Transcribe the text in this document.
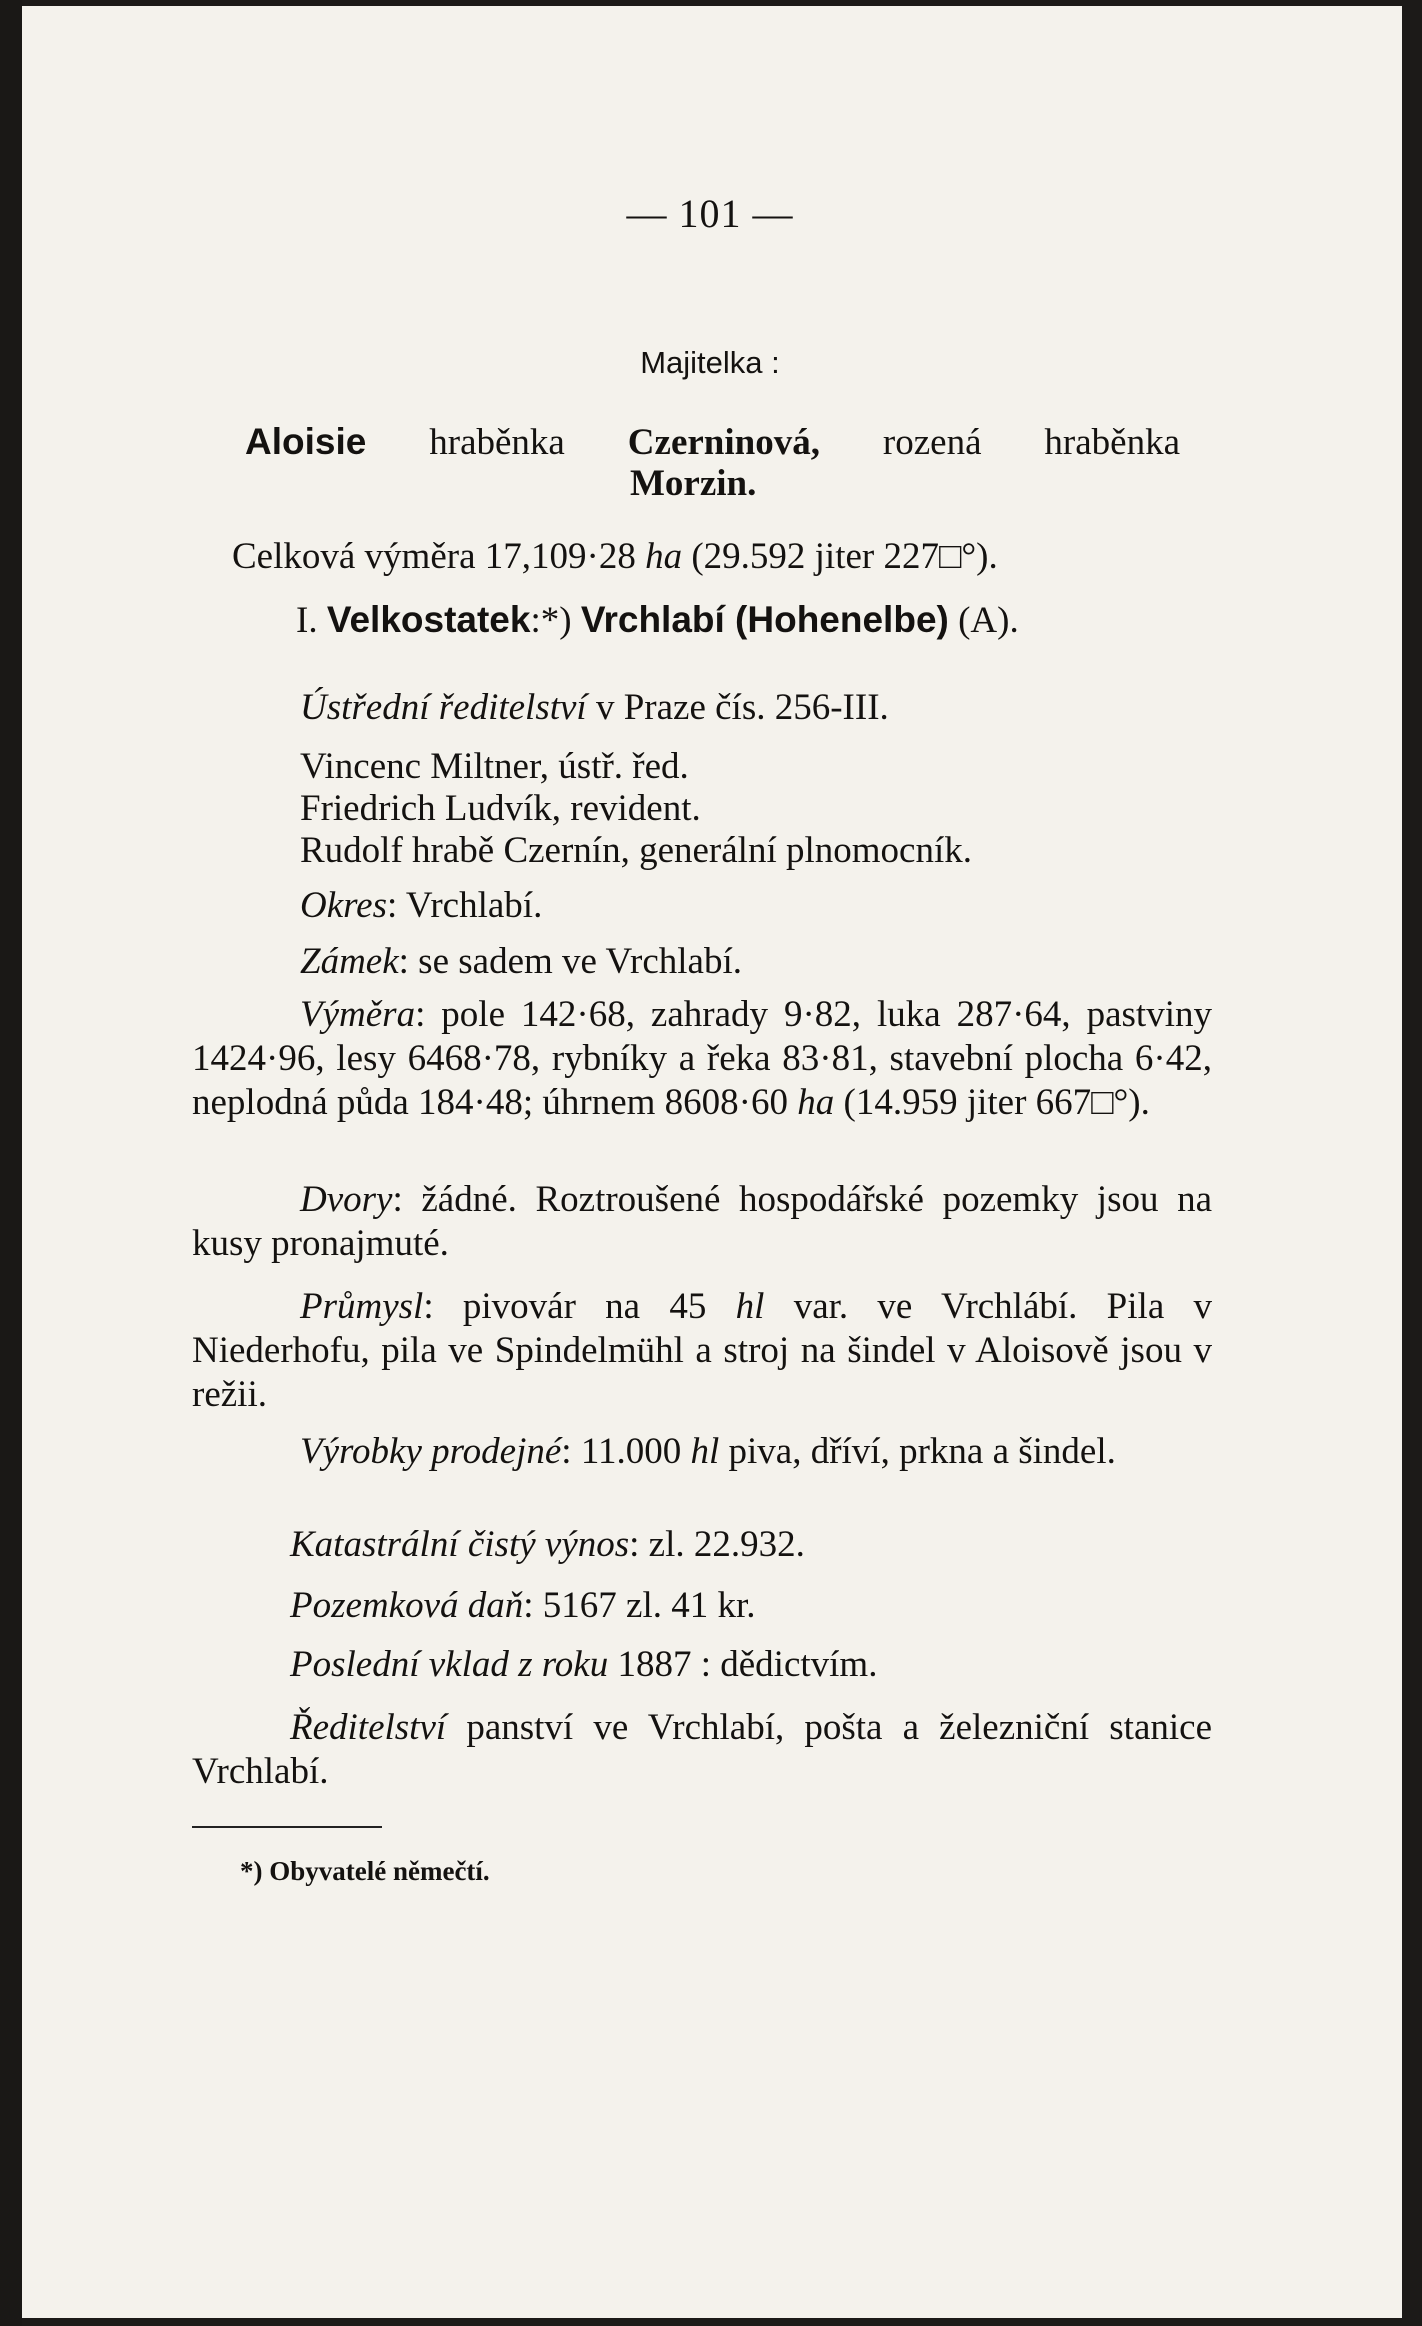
— 101 —
Majitelka :
Aloisie hraběnka Czerninová, rozená hraběnka
Morzin.
Celková výměra 17,109·28 ha (29.592 jiter 227□°).
I. Velkostatek:*) Vrchlabí (Hohenelbe) (A).
Ústřední ředitelství v Praze čís. 256-III.
Vincenc Miltner, ústř. řed.
Friedrich Ludvík, revident.
Rudolf hrabě Czernín, generální plnomocník.
Okres: Vrchlabí.
Zámek: se sadem ve Vrchlabí.
Výměra: pole 142·68, zahrady 9·82, luka 287·64, pastviny 1424·96, lesy 6468·78, rybníky a řeka 83·81, stavební plocha 6·42, neplodná půda 184·48; úhrnem 8608·60 ha (14.959 jiter 667□°).
Dvory: žádné. Roztroušené hospodářské pozemky jsou na kusy pronajmuté.
Průmysl: pivovár na 45 hl var. ve Vrchlábí. Pila v Niederhofu, pila ve Spindelmühl a stroj na šindel v Aloisově jsou v režii.
Výrobky prodejné: 11.000 hl piva, dříví, prkna a šindel.
Katastrální čistý výnos: zl. 22.932.
Pozemková daň: 5167 zl. 41 kr.
Poslední vklad z roku 1887 : dědictvím.
Ředitelství panství ve Vrchlabí, pošta a železniční stanice Vrchlabí.
*) Obyvatelé němečtí.
